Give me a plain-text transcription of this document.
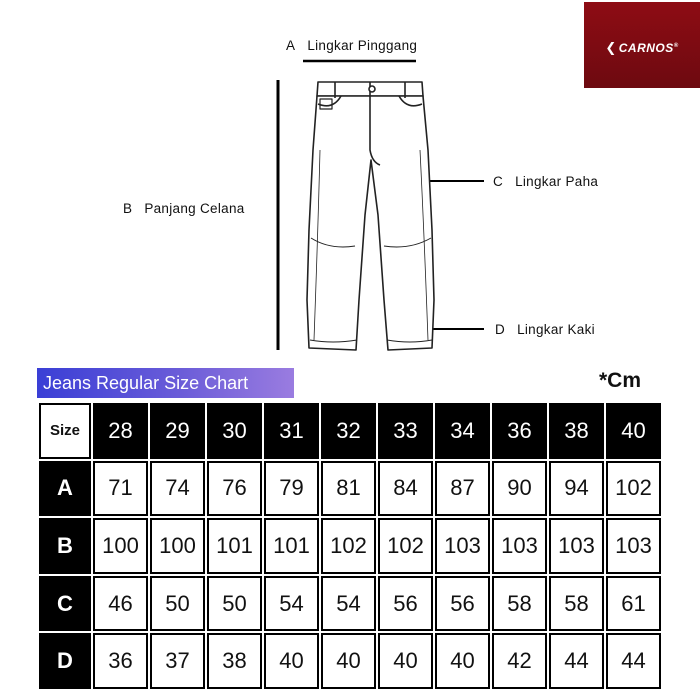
❮ CARNOS®
A Lingkar Pinggang
B Panjang Celana
C Lingkar Paha
D Lingkar Kaki
Jeans Regular Size Chart	*Cm
Size	28	29	30	31	32	33	34	36	38	40
A	71	74	76	79	81	84	87	90	94	102
B	100	100	101	101	102	102	103	103	103	103
C	46	50	50	54	54	56	56	58	58	61
D	36	37	38	40	40	40	40	42	44	44
